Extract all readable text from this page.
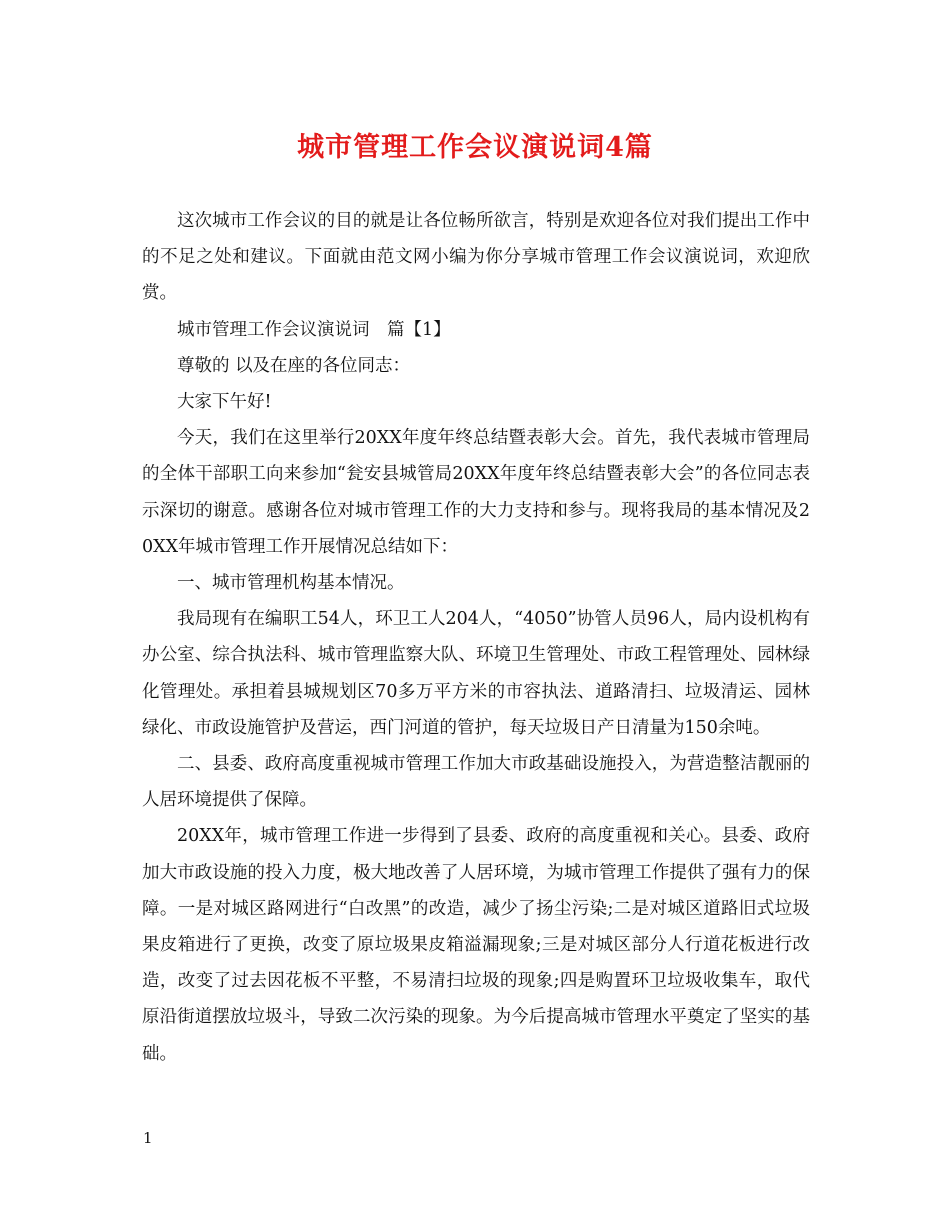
城市管理工作会议演说词4篇

这次城市工作会议的目的就是让各位畅所欲言，特别是欢迎各位对我们提出工作中的不足之处和建议。下面就由范文网小编为你分享城市管理工作会议演说词，欢迎欣赏。

城市管理工作会议演说词　篇【1】

尊敬的 以及在座的各位同志：

大家下午好!

今天，我们在这里举行20XX年度年终总结暨表彰大会。首先，我代表城市管理局的全体干部职工向来参加“瓮安县城管局20XX年度年终总结暨表彰大会”的各位同志表示深切的谢意。感谢各位对城市管理工作的大力支持和参与。现将我局的基本情况及20XX年城市管理工作开展情况总结如下：

一、城市管理机构基本情况。

我局现有在编职工54人，环卫工人204人，“4050”协管人员96人，局内设机构有办公室、综合执法科、城市管理监察大队、环境卫生管理处、市政工程管理处、园林绿化管理处。承担着县城规划区70多万平方米的市容执法、道路清扫、垃圾清运、园林绿化、市政设施管护及营运，西门河道的管护，每天垃圾日产日清量为150余吨。

二、县委、政府高度重视城市管理工作加大市政基础设施投入，为营造整洁靓丽的人居环境提供了保障。

20XX年，城市管理工作进一步得到了县委、政府的高度重视和关心。县委、政府加大市政设施的投入力度，极大地改善了人居环境，为城市管理工作提供了强有力的保障。一是对城区路网进行“白改黑”的改造，减少了扬尘污染;二是对城区道路旧式垃圾果皮箱进行了更换，改变了原垃圾果皮箱溢漏现象;三是对城区部分人行道花板进行改造，改变了过去因花板不平整，不易清扫垃圾的现象;四是购置环卫垃圾收集车，取代原沿街道摆放垃圾斗，导致二次污染的现象。为今后提高城市管理水平奠定了坚实的基础。

1
